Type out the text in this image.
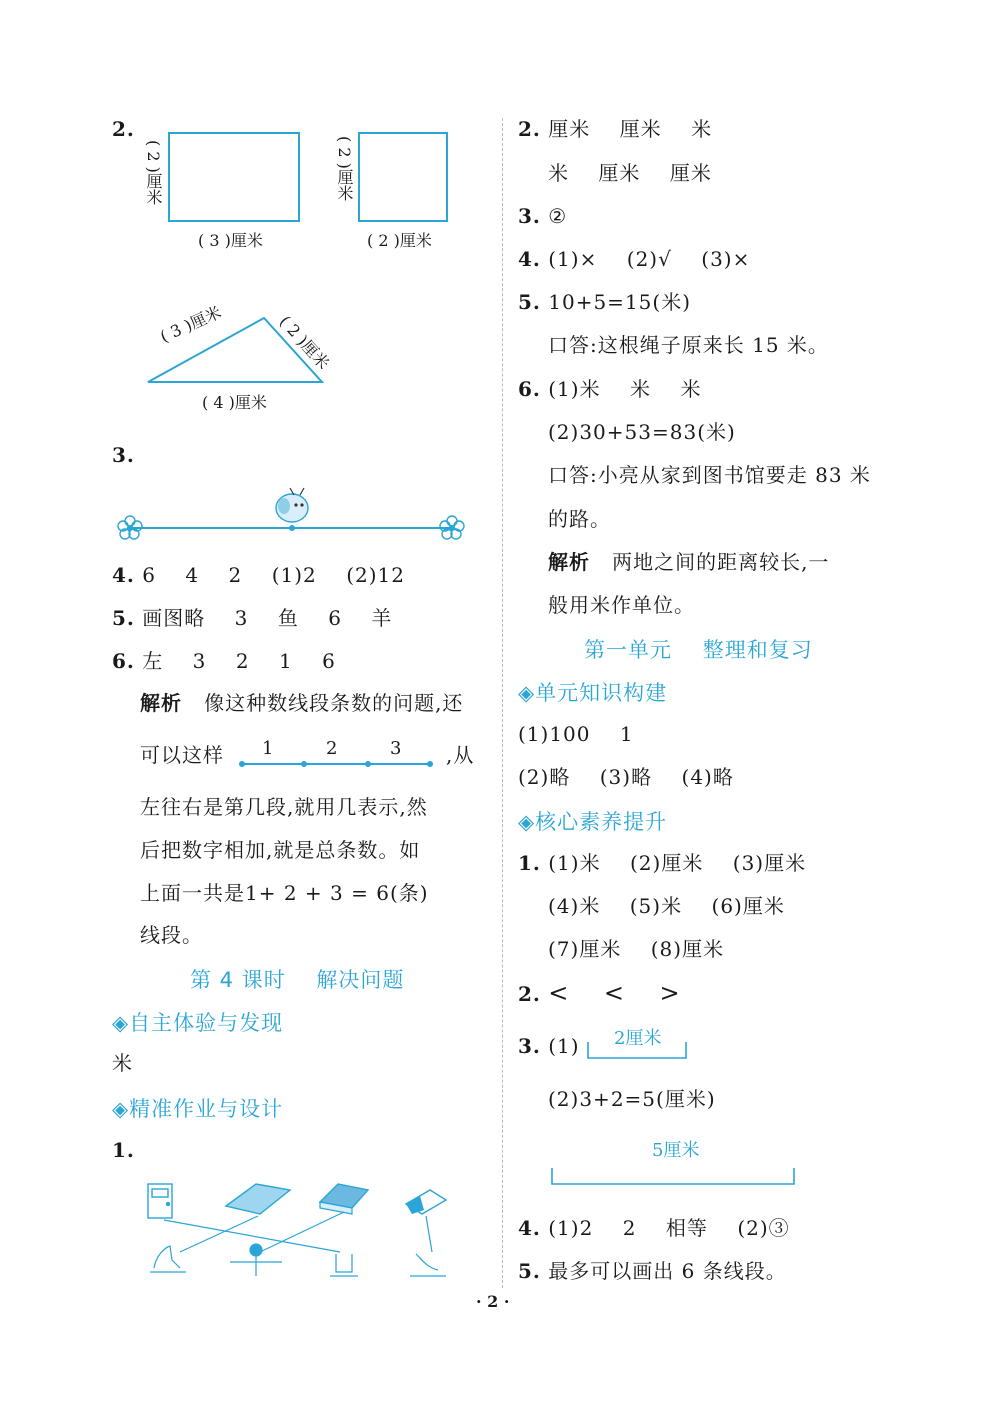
2.
( 2 )厘米
( 3 )厘米
( 2 )厘米
( 2 )厘米
( 3 )厘米	( 2 )厘米
( 4 )厘米
3.
4. 6    4    2    (1)2    (2)12
5. 画图略    3    鱼    6    羊
6. 左    3    2    1    6
解析 像这种数线段条数的问题,还
可以这样 1	2	3 ,从
左往右是第几段,就用几表示,然
后把数字相加,就是总条数。如
上面一共是1+ 2 + 3 = 6(条)
线段。
第 4 课时    解决问题
◈自主体验与发现
米
◈精准作业与设计
1.
2. 厘米    厘米    米
米    厘米    厘米
3. ②
4. (1)×    (2)√    (3)×
5. 10+5=15(米)
口答:这根绳子原来长 15 米。
6. (1)米    米    米
(2)30+53=83(米)
口答:小亮从家到图书馆要走 83 米
的路。
解析 两地之间的距离较长,一
般用米作单位。
第一单元    整理和复习
◈单元知识构建
(1)100    1
(2)略    (3)略    (4)略
◈核心素养提升
1. (1)米    (2)厘米    (3)厘米
(4)米    (5)米    (6)厘米
(7)厘米    (8)厘米
2. <    <    >
3. (1) 2厘米
(2)3+2=5(厘米)
5厘米
4. (1)2    2    相等    (2)③
5. 最多可以画出 6 条线段。
· 2 ·
